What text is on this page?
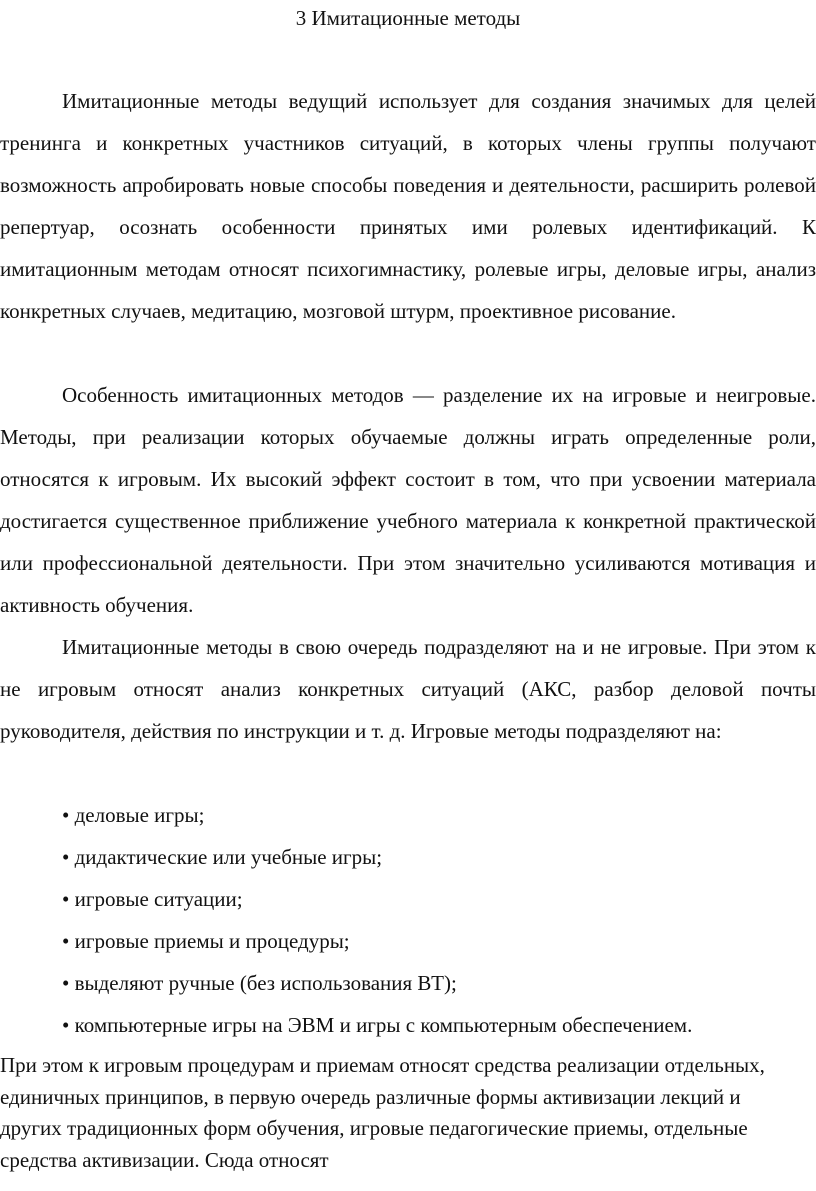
3 Имитационные методы

Имитационные методы ведущий использует для создания значимых для целей тренинга и конкретных участников ситуаций, в которых члены группы получают возможность апробировать новые способы поведения и деятельности, расширить ролевой репертуар, осознать особенности принятых ими ролевых идентификаций. К имитационным методам относят психогимнастику, ролевые игры, деловые игры, анализ конкретных случаев, медитацию, мозговой штурм, проективное рисование.

Особенность имитационных методов — разделение их на игровые и неигровые. Методы, при реализации которых обучаемые должны играть определенные роли, относятся к игровым. Их высокий эффект состоит в том, что при усвоении материала достигается существенное приближение учебного материала к конкретной практической или профессиональной деятельности. При этом значительно усиливаются мотивация и активность обучения.

Имитационные методы в свою очередь подразделяют на и не игровые. При этом к не игровым относят анализ конкретных ситуаций (АКС, разбор деловой почты руководителя, действия по инструкции и т. д. Игровые методы подразделяют на:

• деловые игры;
• дидактические или учебные игры;
• игровые ситуации;
• игровые приемы и процедуры;
• выделяют ручные (без использования ВТ);
• компьютерные игры на ЭВМ и игры с компьютерным обеспечением.

При этом к игровым процедурам и приемам относят средства реализации отдельных, единичных принципов, в первую очередь различные формы активизации лекций и других традиционных форм обучения, игровые педагогические приемы, отдельные средства активизации. Сюда относят
